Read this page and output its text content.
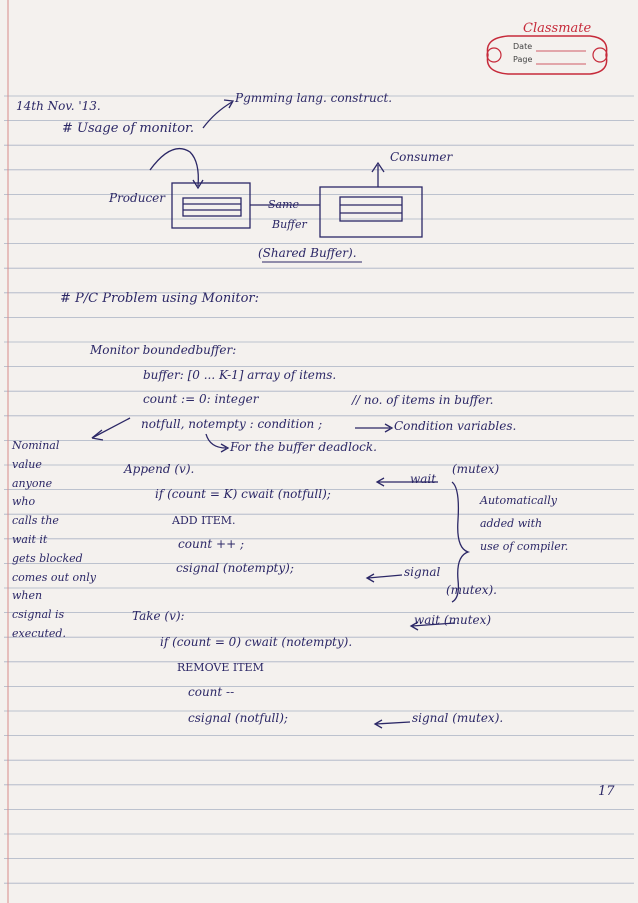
Classmate
Date
Page
14th Nov. '13.
# Usage of monitor.
Pgmming lang. construct.
Consumer
Producer	Same
Buffer
(Shared Buffer).
# P/C Problem using Monitor:
Monitor boundedbuffer:
buffer: [0 ... K-1] array of items.
count := 0: integer	// no. of items in buffer.
notfull, notempty : condition ;	Condition variables.
For the buffer deadlock.
Nominal
value
anyone
who
calls the
wait it
gets blocked
comes out only
when
csignal is
executed.
Append (v).
if (count = K) cwait (notfull);
ADD ITEM.
count ++ ;
csignal (notempty);
wait
(mutex)
Automatically
added with
use of compiler.
signal
(mutex).
Take (v):	wait (mutex)
if (count = 0) cwait (notempty).
REMOVE ITEM
count --
csignal (notfull);	signal (mutex).
17
